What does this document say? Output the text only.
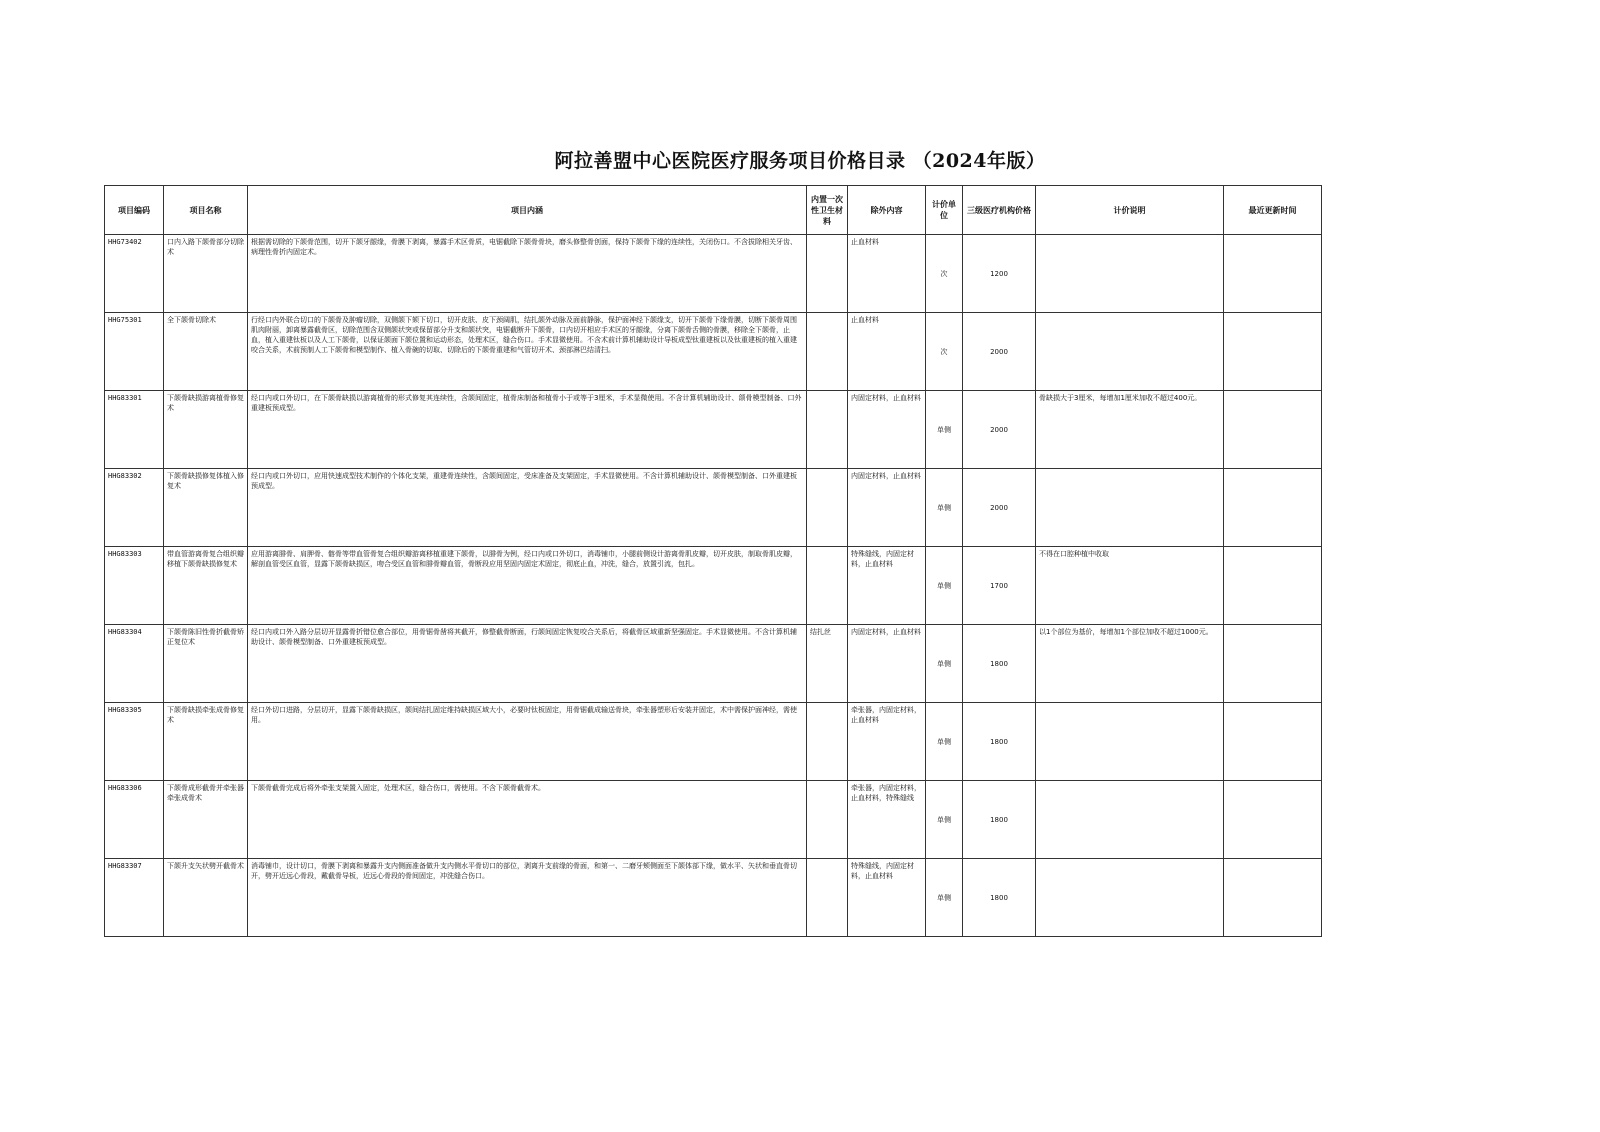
阿拉善盟中心医院医疗服务项目价格目录 （2024年版）
项目编码	项目名称	项目内涵	内置一次性卫生材料	除外内容	计价单位	三级医疗机构价格	计价说明	最近更新时间
HHG73402	口内入路下颌骨部分切除术	根据需切除的下颌骨范围，切开下颌牙龈缘，骨膜下剥离，暴露手术区骨质，电锯截除下颌骨骨块，磨头修整骨创面，保持下颌骨下缘的连续性，关闭伤口。不含拔除相关牙齿、病理性骨折内固定术。		止血材料	次	1200		
HHG75301	全下颌骨切除术	行经口内外联合切口的下颌骨及肿瘤切除，双侧颌下颏下切口，切开皮肤、皮下颈阔肌，结扎颌外动脉及面前静脉，保护面神经下颌缘支，切开下颌骨下缘骨膜，切断下颌骨周围肌肉附丽，卸离暴露截骨区，切除范围含双侧颌状突或保留部分升支和颌状突，电锯截断升下颌骨，口内切开相应手术区的牙龈缘，分离下颌骨舌侧的骨膜，移除全下颌骨，止血，植入重建钛板以及人工下颌骨，以保证颌面下颌位置和运动形态，处理术区，缝合伤口。手术显微使用。不含术前计算机辅助设计导板成型钛重建板以及钛重建板的植入重建咬合关系，术前预制人工下颌骨和模型制作、植入骨碗的切取、切除后的下颌骨重建和气管切开术、颈部淋巴结清扫。		止血材料	次	2000		
HHG83301	下颌骨缺损游离植骨修复术	经口内或口外切口，在下颌骨缺损以游离植骨的形式修复其连续性，含颌间固定，植骨床制备和植骨小于或等于3厘米，手术显微使用。不含计算机辅助设计、颌骨模型制备、口外重建板预成型。		内固定材料，止血材料	单侧	2000	骨缺损大于3厘米，每增加1厘米加收不超过400元。	
HHG83302	下颌骨缺损修复体植入修复术	经口内或口外切口，应用快速成型技术制作的个体化支架，重建骨连续性，含颌间固定，受床准备及支架固定，手术显微使用。不含计算机辅助设计、颌骨模型制备、口外重建板预成型。		内固定材料，止血材料	单侧	2000		
HHG83303	带血管游离骨复合组织瓣移植下颌骨缺损修复术	应用游离腓骨、肩胛骨、髂骨等带血管骨复合组织瓣游离移植重建下颌骨，以腓骨为例，经口内或口外切口，消毒铺巾，小腿前侧设计游离骨肌皮瓣，切开皮肤，制取骨肌皮瓣，解剖血管受区血管，显露下颌骨缺损区，吻合受区血管和腓骨瓣血管，骨断段应用坚固内固定术固定，彻底止血，冲洗，缝合，放置引流，包扎。		特殊缝线，内固定材料，止血材料	单侧	1700	不得在口腔种植中收取	
HHG83304	下颌骨陈旧性骨折截骨矫正复位术	经口内或口外入路分层切开显露骨折错位愈合部位，用骨锯骨凿将其截开，修整截骨断面，行颌间固定恢复咬合关系后，将截骨区域重新坚强固定。手术显微使用。不含计算机辅助设计、颌骨模型制备、口外重建板预成型。	结扎丝	内固定材料，止血材料	单侧	1800	以1个部位为基价，每增加1个部位加收不超过1000元。	
HHG83305	下颌骨缺损牵张成骨修复术	经口外切口进路，分层切开，显露下颌骨缺损区，颌间结扎固定维持缺损区域大小，必要时钛板固定，用骨锯截成输送骨块，牵张器塑形后安装并固定，术中需保护面神经，需使用。		牵张器，内固定材料，止血材料	单侧	1800		
HHG83306	下颌骨成形截骨并牵张器牵张成骨术	下颌骨截骨完成后将外牵张支架置入固定，处理术区，缝合伤口，需使用。不含下颌骨截骨术。		牵张器，内固定材料，止血材料，特殊缝线	单侧	1800		
HHG83307	下颌升支矢状劈开截骨术	消毒铺巾，设计切口，骨膜下剥离和暴露升支内侧面准备做升支内侧水平骨切口的部位，剥离升支前缘的骨面，和第一、二磨牙颊侧面至下颌体部下缘，做水平、矢状和垂直骨切开，劈开近远心骨段，戴截骨导板，近远心骨段的骨间固定，冲洗缝合伤口。		特殊缝线，内固定材料，止血材料	单侧	1800		
